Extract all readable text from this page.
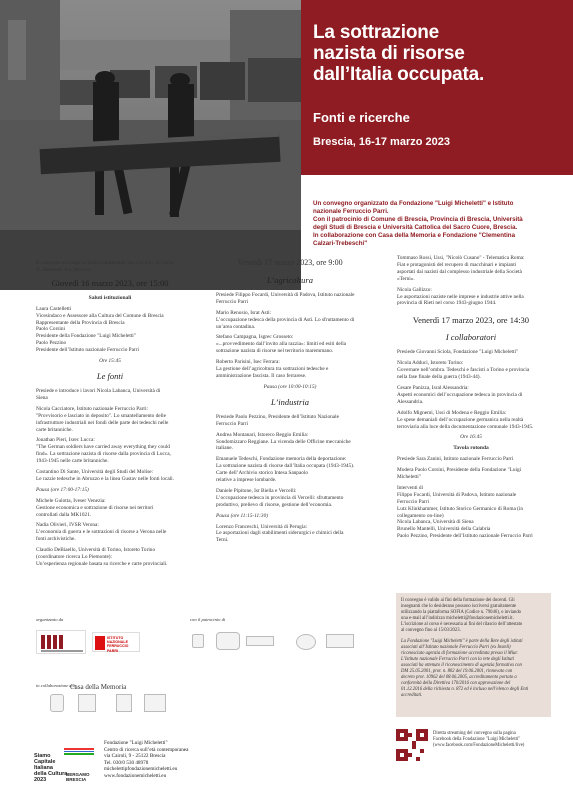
La sottrazione
nazista di risorse
dall’Italia occupata.
Fonti e ricerche
Brescia, 16-17 marzo 2023
Un convegno organizzato da Fondazione "Luigi Micheletti" e Istituto
nazionale Ferruccio Parri.
Con il patrocinio di Comune di Brescia, Provincia di Brescia, Università
degli Studi di Brescia e Università Cattolica del Sacro Cuore, Brescia.
In collaborazione con Casa della Memoria e Fondazione "Clementina
Calzari-Trebeschi"

Il convegno si svolge al Teatro auditorium San Carlino, in Corso
G. Matteotti, 6/a, Brescia.

Giovedì 16 marzo 2023, ore 15:00
Saluti istituzionali

Laura Castelletti
Vicesindaco e Assessore alla Cultura del Comune di Brescia
Rappresentante della Provincia di Brescia
Paolo Corsini
Presidente della Fondazione "Luigi Micheletti"
Paolo Pezzino
Presidente dell’Istituto nazionale Ferruccio Parri

Ore 15:45

Le fonti

Presiede e introduce i lavori Nicola Labanca, Università di
Siena

Nicola Cacciatore, Istituto nazionale Ferruccio Parri:
"Provvisorio e lasciato in deposito". Lo smantellamento delle
infrastrutture industriali nei fondi delle parte dei tedeschi nelle
carte britanniche.

Jonathan Pieri, Isrec Lucca:
"The German soldiers have carried away everything they could
find». La sottrazione nazista di risorse dalla provincia di Lucca,
1943-1945 nelle carte britanniche.

Costantino Di Sante, Università degli Studi del Molise:
Le razzie tedesche in Abruzzo e la linea Gustav nelle fonti locali.

Pausa (ore 17:00-17:15)

Michele Gulotta, Iveser Venezia:
Gestione economica e sottrazione di risorse nei territori
controllati dalla MK1021.

Nadia Olivieri, IVSR Verona:
L’economia di guerra e le sottrazioni di risorse a Verona nelle
fonti archivistiche.

Claudio DeBiaello, Università di Torino, Istoreto Torino
(coordinatore ricerca Lo Piemonte):
Un’esperienza regionale basata su ricerche e carte provinciali.

Venerdì 17 marzo 2023, ore 9:00
L’agricoltura

Presiede Filippo Focardi, Università di Padova, Istituto nazionale
Ferruccio Parri

Mario Renosio, Israt Asti:
L’occupazione tedesca della provincia di Asti. Lo sfruttamento di
un’area contadina.

Stefano Campagna, Isgrec Grosseto:
«...provvedimento dall’invito alla razzia»: limiti ed esiti della
sottrazione nazista di risorse nel territorio maremmano.

Roberto Parisini, Isec Ferrara:
La gestione dell’agricoltura tra sottrazioni tedesche e
amministrazione fascista. Il caso ferrarese.

Pausa (ore 10:00-10:15)

L’industria

Presiede Paolo Pezzino, Presidente dell’Istituto Nazionale
Ferruccio Parri

Andrea Montanari, Istoreco Reggio Emilia:
Sondomizzaro Reggiane. La vicenda delle Officine meccaniche
italiane.

Emanuele Tedeschi, Fondazione memoria della deportazione:
La sottrazione nazista di risorse dall’Italia occupata (1943-1945).
Carte dell’Archivio storico Intesa Sanpaolo
relative a imprese lombarde.

Daniele Pipitone, Isr Biella e Vercelli:
L’occupazione tedesca in provincia di Vercelli: sfruttamento
produttivo, prelievo di risorse, gestione dell’economia.

Pausa (ore 11:15-11:30)

Lorenzo Franceschi, Università di Perugia:
Le asportazioni dagli stabilimenti siderurgici e chimici della
Terni.

Tommaso Rossi, Ussi, "Nicolò Cusano" - Telematica Roma:
Fiat e protagonisti del recupero di macchinari e impianti
asportati dai nazisti dal complesso industriale della Società
«Terni».

Nicola Gallizzo:
Le asportazioni naziste nelle imprese e industrie attive nella
provincia di Rieti nel corso 1943-giugno 1944.

Venerdì 17 marzo 2023, ore 14:30
I collaboratori

Presiede Giovanni Sciola, Fondazione "Luigi Micheletti"

Nicola Adduci, Istoreto Torino:
Governare nell’ombra. Tedeschi e fascisti a Torino e provincia
nella fase finale della guerra (1943-44).

Cesare Panizza, Isral Alessandria:
Aspetti economici dell’occupazione tedesca in provincia di
Alessandria.

Adolfo Mignemi, Ussi di Modena e Reggio Emilia:
Le spese demaniali dell’occupazione germanica nella realtà
terroviaria alla luce della documentazione comunale 1943-1945.

Ore 16:45

Tavola rotonda

Presiede Sara Zanini, Istituto nazionale Ferruccio Parri

Modera Paolo Corsini, Presidente della Fondazione "Luigi
Micheletti"

Interventi di
Filippo Focardi, Università di Padova, Istituto nazionale
Ferruccio Parri
Lutz Klinkhammer, Istituto Storico Germanico di Roma (in
collegamento on-line)
Nicola Labanca, Università di Siena
Brunello Mantelli, Università della Calabria
Paolo Pezzino, Presidente dell’Istituto nazionale Ferruccio Parri

organizzato da	con il patrocinio di
in collaborazione con
ISTITUTO NAZIONALE FERRUCCIO PARRI
Casa della Memoria
Siamo
Capitale
Italiana
della Cultura
2023
BERGAMO
BRESCIA
Fondazione "Luigi Micheletti"
Centro di ricerca sull’età contemporanea
via Cairoli, 9 - 25122 Brescia
Tel. 030/0 530 48978
michelettipfondazionemicheletti.eu
www.fondazionemicheletti.eu

Il convegno è valido ai fini della formazione dei docenti. Gli
insegnanti che lo desiderano possono iscriversi gratuitamente
utilizzando la piattaforma SOFIA (Codice n. 79046), o inviando
una e-mail all’indirizzo micheletti@fondazionemicheletti.it.
L’iscrizione al corso è necessaria ai fini del rilascio dell’attestato
al convegno fino al 15/03/2023.

La Fondazione "Luigi Micheletti" è parte della Rete degli istituti
associati all’Istituto nazionale Ferruccio Parri (ex Insmli)
riconosciuto agenzia di formazione accreditata presso il Miur.
L’Istituto nazionale Ferruccio Parri con la rete degli Istituti
associati ha ottenuto il riconoscimento di agenzia formativa con
DM 25.05.2001, prot. n. 802 del 19.06.2001, rinnovato con
decreto prot. 10962 del 08.06.2005, accreditamento portato a
conformità della Direttiva 170/2016 con approvazione del
01.12.2016 della richiesta n. 872 ed è incluso nell’elenco degli Enti
accreditati.

Diretta streaming del convegno sulla pagina
Facebook della Fondazione "Luigi Micheletti"
(www.facebook.com/FondazioneMicheletti/live)
